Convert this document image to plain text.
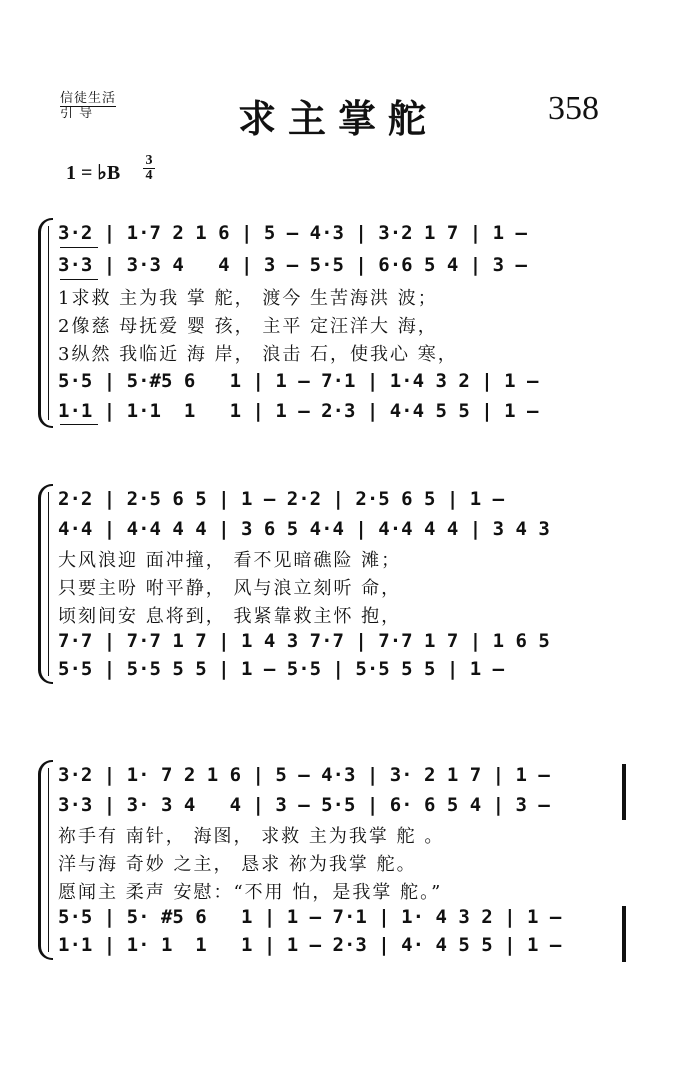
信徒生活
引 导	求主掌舵	358
1 = ♭B
3
4
3·2 | 1·7 2 1 6 | 5 – 4·3 | 3·2 1 7 | 1 –
3·3 | 3·3 4   4 | 3 – 5·5 | 6·6 5 4 | 3 –
1求救 主为我 掌 舵， 渡今 生苦海洪 波；
2像慈 母抚爱 婴 孩， 主平 定汪洋大 海，
3纵然 我临近 海 岸， 浪击 石，使我心 寒，
5·5 | 5·#5 6   1 | 1 – 7·1 | 1·4 3 2 | 1 –
1·1 | 1·1  1   1 | 1 – 2·3 | 4·4 5 5 | 1 –
2·2 | 2·5 6 5 | 1 – 2·2 | 2·5 6 5 | 1 –
4·4 | 4·4 4 4 | 3 6 5 4·4 | 4·4 4 4 | 3 4 3
大风浪迎 面冲撞， 看不见暗礁险 滩；
只要主吩 咐平静， 风与浪立刻听 命，
顷刻间安 息将到， 我紧靠救主怀 抱，
7·7 | 7·7 1 7 | 1 4 3 7·7 | 7·7 1 7 | 1 6 5
5·5 | 5·5 5 5 | 1 – 5·5 | 5·5 5 5 | 1 –
3·2 | 1· 7 2 1 6 | 5 – 4·3 | 3· 2 1 7 | 1 –
3·3 | 3· 3 4   4 | 3 – 5·5 | 6· 6 5 4 | 3 –
祢手有 南针， 海图， 求救 主为我掌 舵 。
洋与海 奇妙 之主， 恳求 祢为我掌 舵。
愿闻主 柔声 安慰：“不用 怕，是我掌 舵。”
5·5 | 5· #5 6   1 | 1 – 7·1 | 1· 4 3 2 | 1 –
1·1 | 1· 1  1   1 | 1 – 2·3 | 4· 4 5 5 | 1 –
